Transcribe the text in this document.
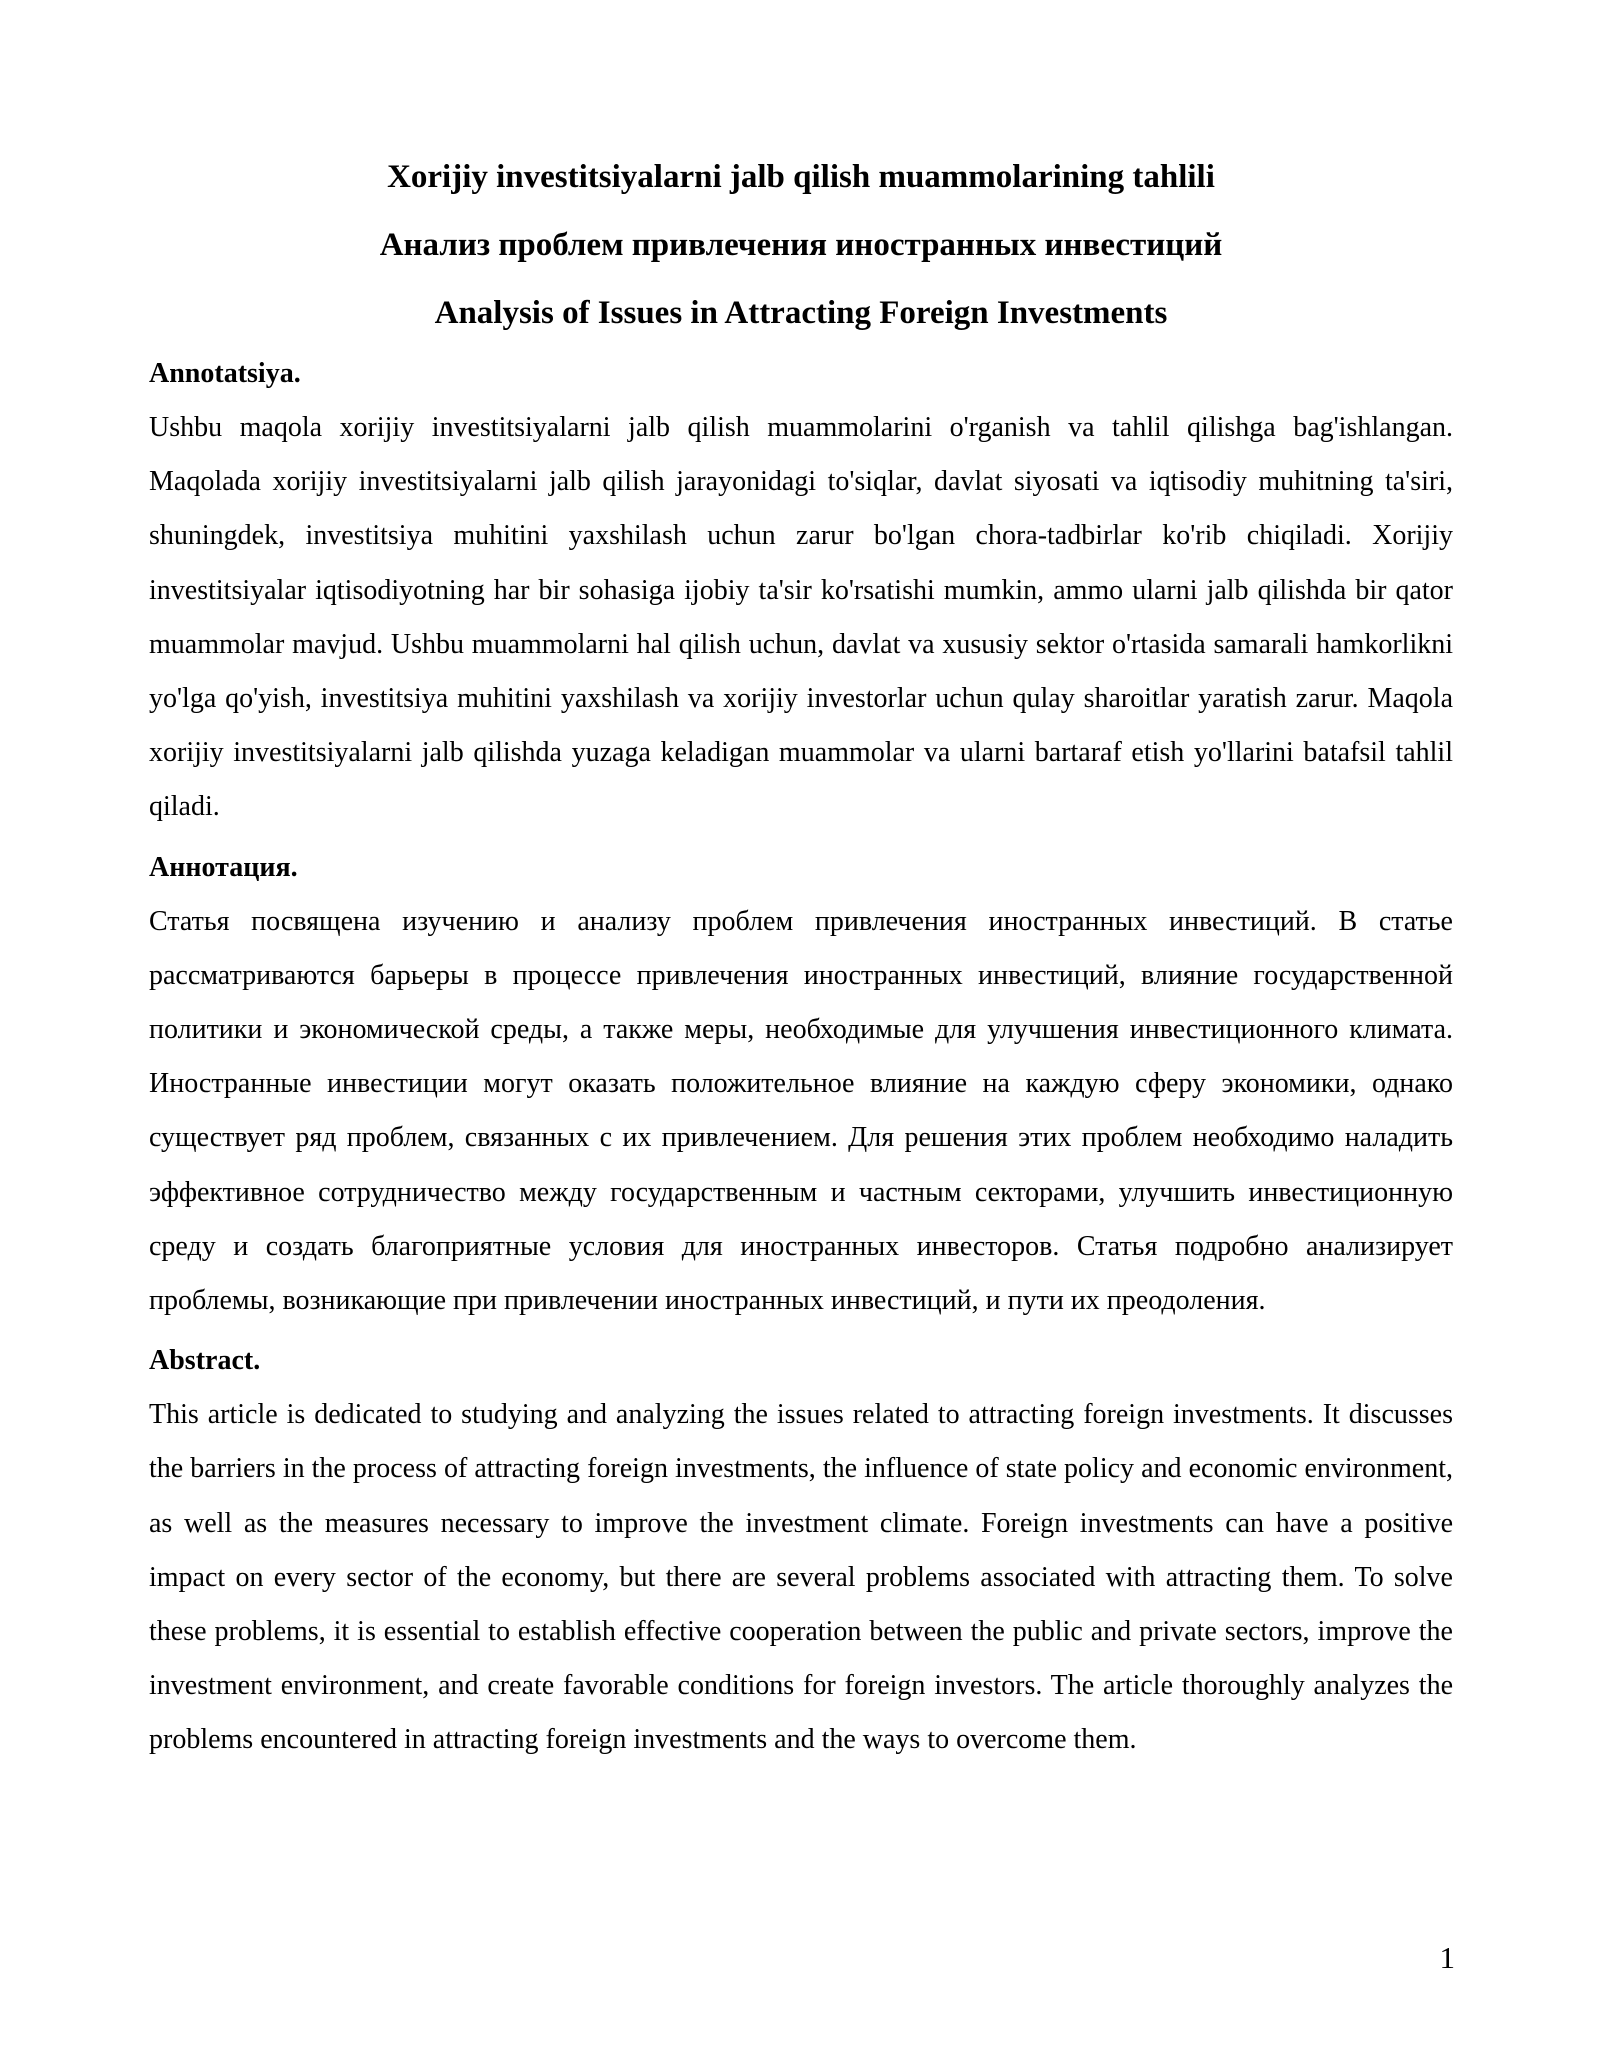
Xorijiy investitsiyalarni jalb qilish muammolarining tahlili
Анализ проблем привлечения иностранных инвестиций
Analysis of Issues in Attracting Foreign Investments
Annotatsiya.

Ushbu maqola xorijiy investitsiyalarni jalb qilish muammolarini o'rganish va tahlil qilishga bag'ishlangan. Maqolada xorijiy investitsiyalarni jalb qilish jarayonidagi to'siqlar, davlat siyosati va iqtisodiy muhitning ta'siri, shuningdek, investitsiya muhitini yaxshilash uchun zarur bo'lgan chora-tadbirlar ko'rib chiqiladi. Xorijiy investitsiyalar iqtisodiyotning har bir sohasiga ijobiy ta'sir ko'rsatishi mumkin, ammo ularni jalb qilishda bir qator muammolar mavjud. Ushbu muammolarni hal qilish uchun, davlat va xususiy sektor o'rtasida samarali hamkorlikni yo'lga qo'yish, investitsiya muhitini yaxshilash va xorijiy investorlar uchun qulay sharoitlar yaratish zarur. Maqola xorijiy investitsiyalarni jalb qilishda yuzaga keladigan muammolar va ularni bartaraf etish yo'llarini batafsil tahlil qiladi.

Аннотация.

Статья посвящена изучению и анализу проблем привлечения иностранных инвестиций. В статье рассматриваются барьеры в процессе привлечения иностранных инвестиций, влияние государственной политики и экономической среды, а также меры, необходимые для улучшения инвестиционного климата. Иностранные инвестиции могут оказать положительное влияние на каждую сферу экономики, однако существует ряд проблем, связанных с их привлечением. Для решения этих проблем необходимо наладить эффективное сотрудничество между государственным и частным секторами, улучшить инвестиционную среду и создать благоприятные условия для иностранных инвесторов. Статья подробно анализирует проблемы, возникающие при привлечении иностранных инвестиций, и пути их преодоления.

Abstract.

This article is dedicated to studying and analyzing the issues related to attracting foreign investments. It discusses the barriers in the process of attracting foreign investments, the influence of state policy and economic environment, as well as the measures necessary to improve the investment climate. Foreign investments can have a positive impact on every sector of the economy, but there are several problems associated with attracting them. To solve these problems, it is essential to establish effective cooperation between the public and private sectors, improve the investment environment, and create favorable conditions for foreign investors. The article thoroughly analyzes the problems encountered in attracting foreign investments and the ways to overcome them.

1
